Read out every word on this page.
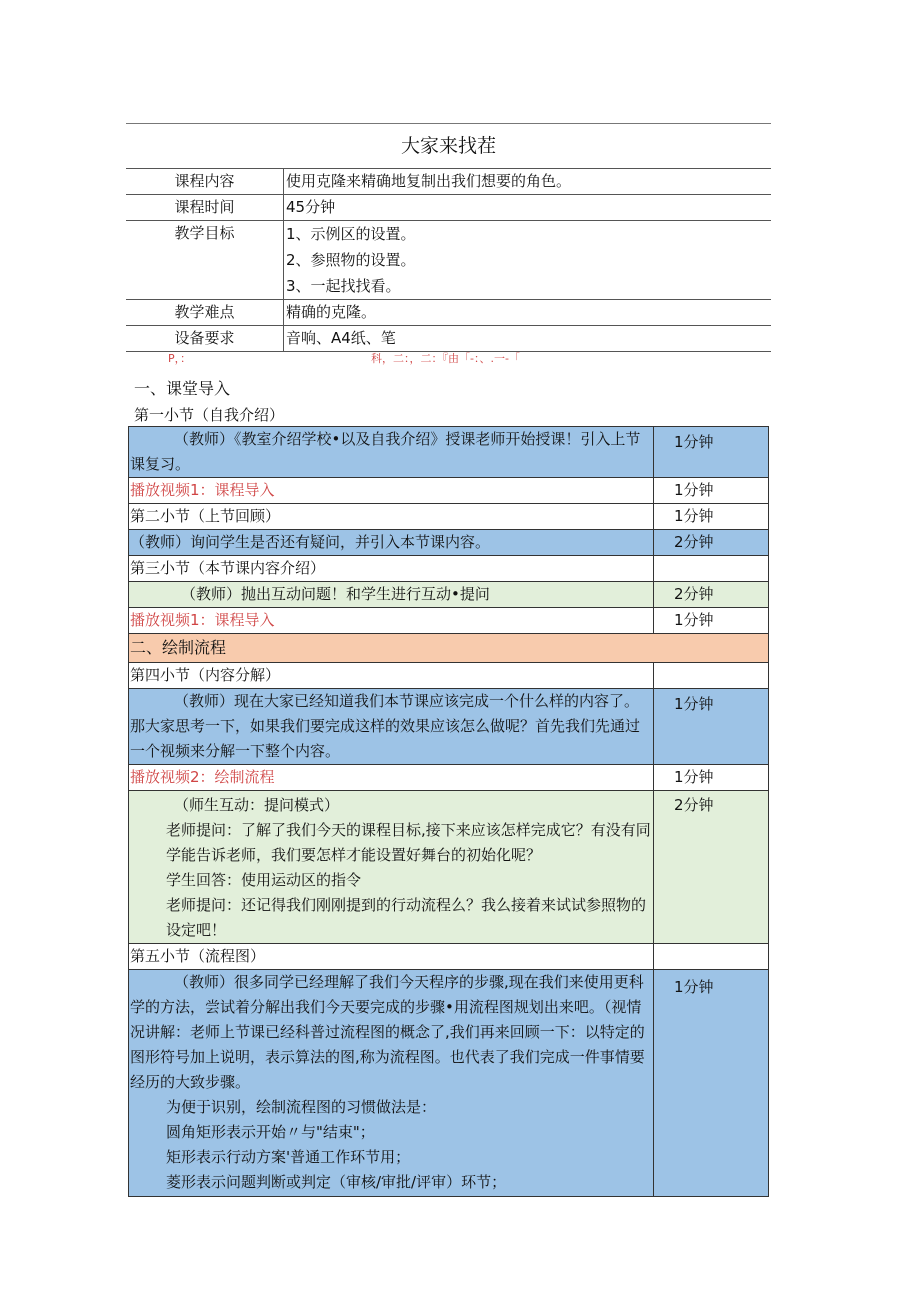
大家来找茬
课程内容	使用克隆来精确地复制出我们想要的角色。
课程时间	45分钟
教学目标	1、示例区的设置。
2、参照物的设置。
3、一起找找看。

教学难点	精确的克隆。
设备要求	音响、A4纸、笔
P，：	科，二：，二：『由「-：、.一-「
一、课堂导入
第一小节（自我介绍）
（教师）《教室介绍学校•以及自我介绍》授课老师开始授课！引入上节课复习。	1分钟
播放视频1：课程导入	1分钟
第二小节（上节回顾）	1分钟
（教师）询问学生是否还有疑问，并引入本节课内容。	2分钟
第三小节（本节课内容介绍）	
（教师）抛出互动问题！和学生进行互动•提问	2分钟
播放视频1：课程导入	1分钟
二、绘制流程	
第四小节（内容分解）	

（教师）现在大家已经知道我们本节课应该完成一个什么样的内容了。那大家思考一下，如果我们要完成这样的效果应该怎么做呢？首先我们先通过一个视频来分解一下整个内容。	1分钟
播放视频2：绘制流程	1分钟

（师生互动：提问模式）
老师提问：了解了我们今天的课程目标,接下来应该怎样完成它？有没有同学能告诉老师，我们要怎样才能设置好舞台的初始化呢？
学生回答：使用运动区的指令
老师提问：还记得我们刚刚提到的行动流程么？我么接着来试试参照物的设定吧！	2分钟
第五小节（流程图）	

（教师）很多同学已经理解了我们今天程序的步骤,现在我们来使用更科学的方法，尝试着分解出我们今天要完成的步骤•用流程图规划出来吧。（视情况讲解：老师上节课已经科普过流程图的概念了,我们再来回顾一下：以特定的图形符号加上说明，表示算法的图,称为流程图。也代表了我们完成一件事情要经历的大致步骤。
为便于识别，绘制流程图的习惯做法是：
圆角矩形表示开始〃与"结束"；
矩形表示行动方案'普通工作环节用；
菱形表示问题判断或判定（审核/审批/评审）环节；	1分钟
